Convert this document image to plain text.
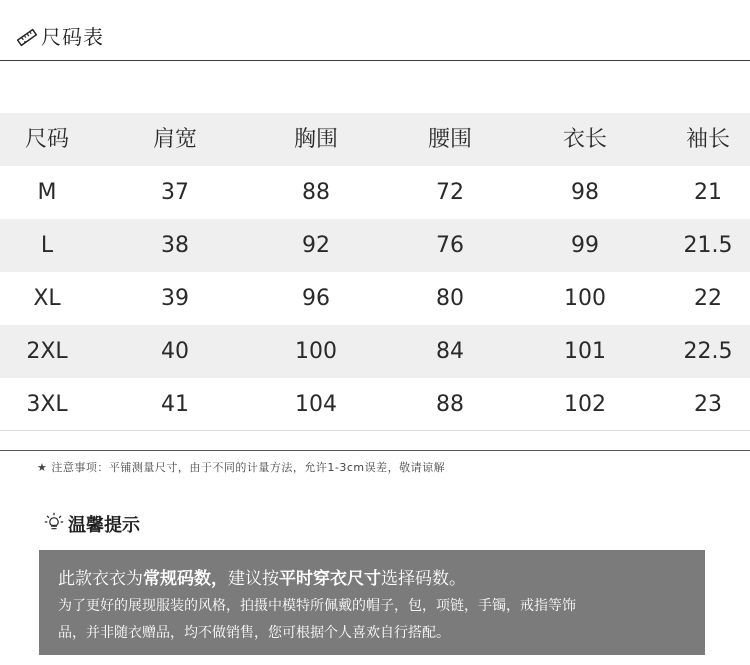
尺码表
尺码	肩宽	胸围	腰围	衣长	袖长
M	37	88	72	98	21
L	38	92	76	99	21.5
XL	39	96	80	100	22
2XL	40	100	84	101	22.5
3XL	41	104	88	102	23
★ 注意事项：平铺测量尺寸，由于不同的计量方法，允许1-3cm误差，敬请谅解
温馨提示
此款衣衣为常规码数，建议按平时穿衣尺寸选择码数。
为了更好的展现服装的风格，拍摄中模特所佩戴的帽子，包，项链，手镯，戒指等饰
品，并非随衣赠品，均不做销售，您可根据个人喜欢自行搭配。
